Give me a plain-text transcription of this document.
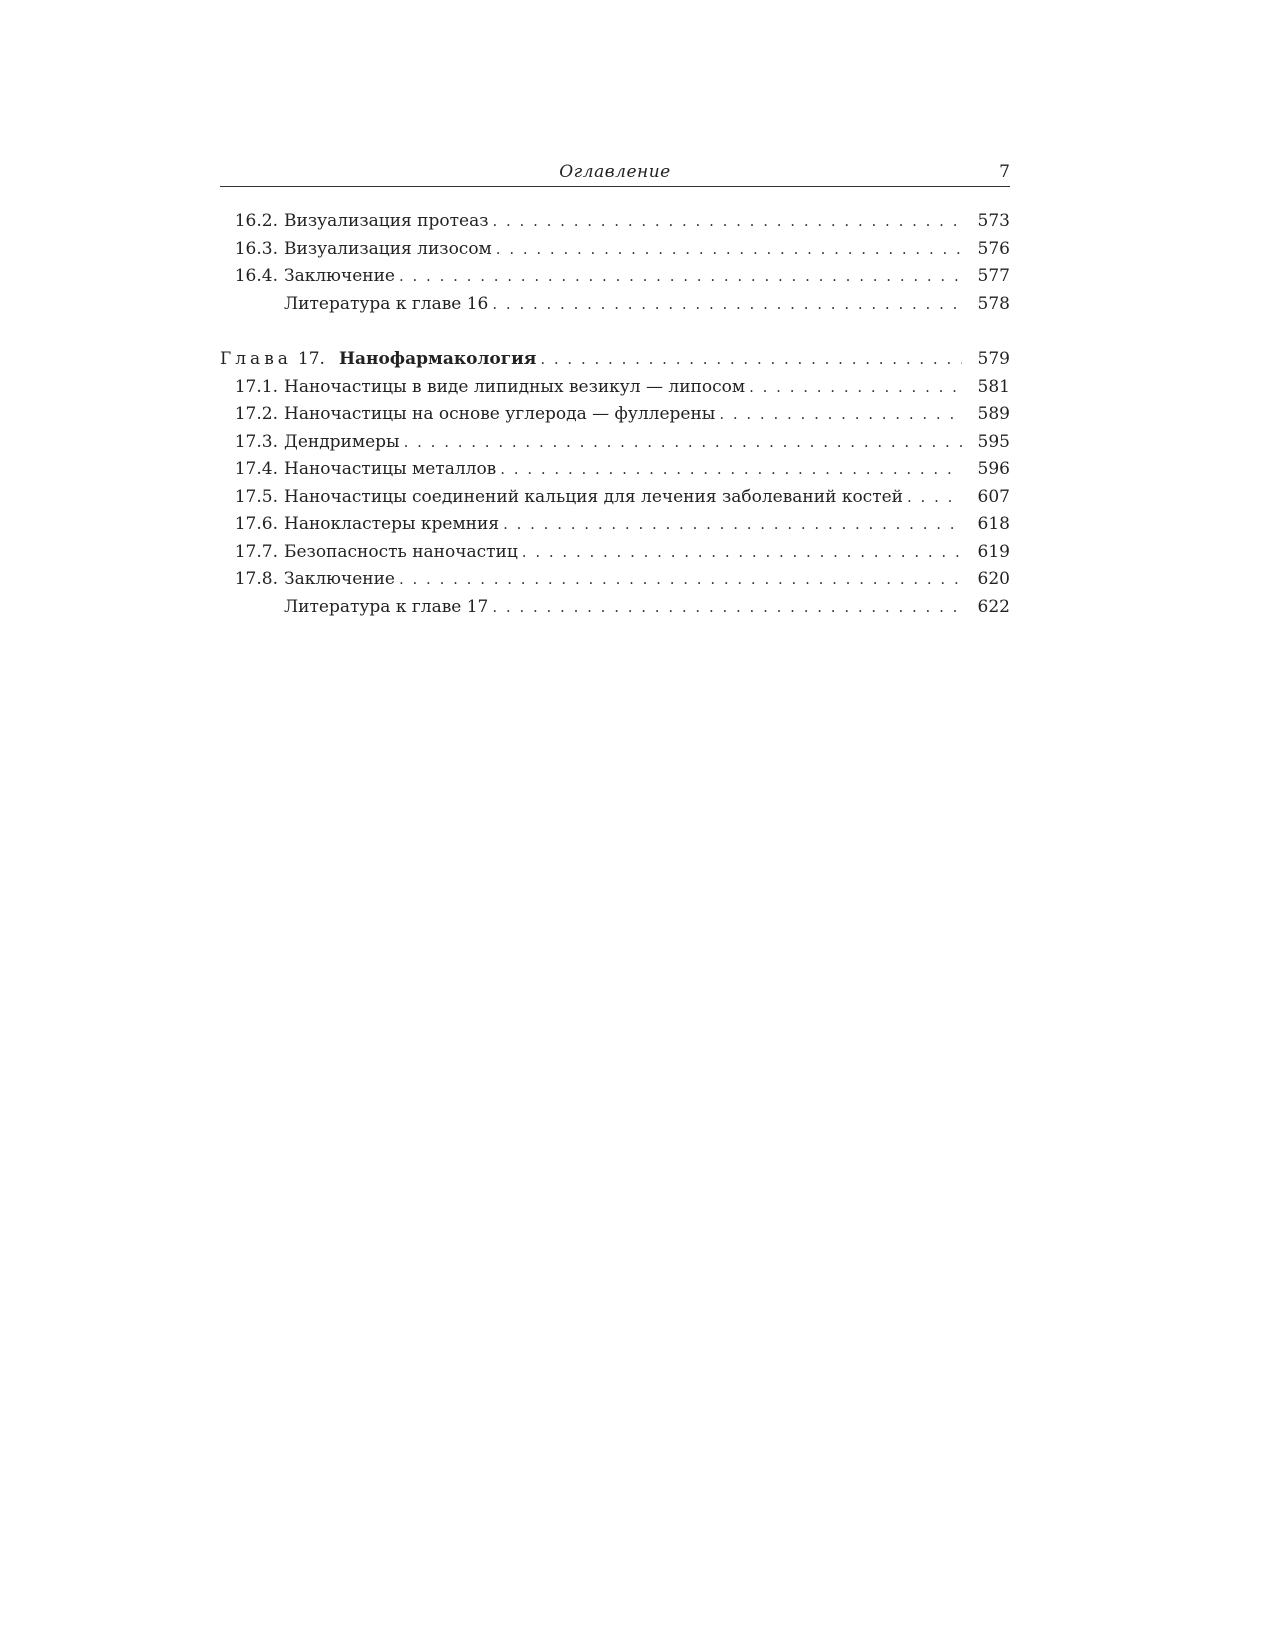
Оглавление	7
16.2. Визуализация протеаз . . .	573
16.3. Визуализация лизосом . . .	576
16.4. Заключение . . .	577
Литература к главе 16 . . .	578
Глава 17. Нанофармакология . . .	579
17.1. Наночастицы в виде липидных везикул — липосом . . .	581
17.2. Наночастицы на основе углерода — фуллерены . . .	589
17.3. Дендримеры . . .	595
17.4. Наночастицы металлов . . .	596
17.5. Наночастицы соединений кальция для лечения заболеваний костей . . .	607
17.6. Нанокластеры кремния . . .	618
17.7. Безопасность наночастиц . . .	619
17.8. Заключение . . .	620
Литература к главе 17 . . .	622
